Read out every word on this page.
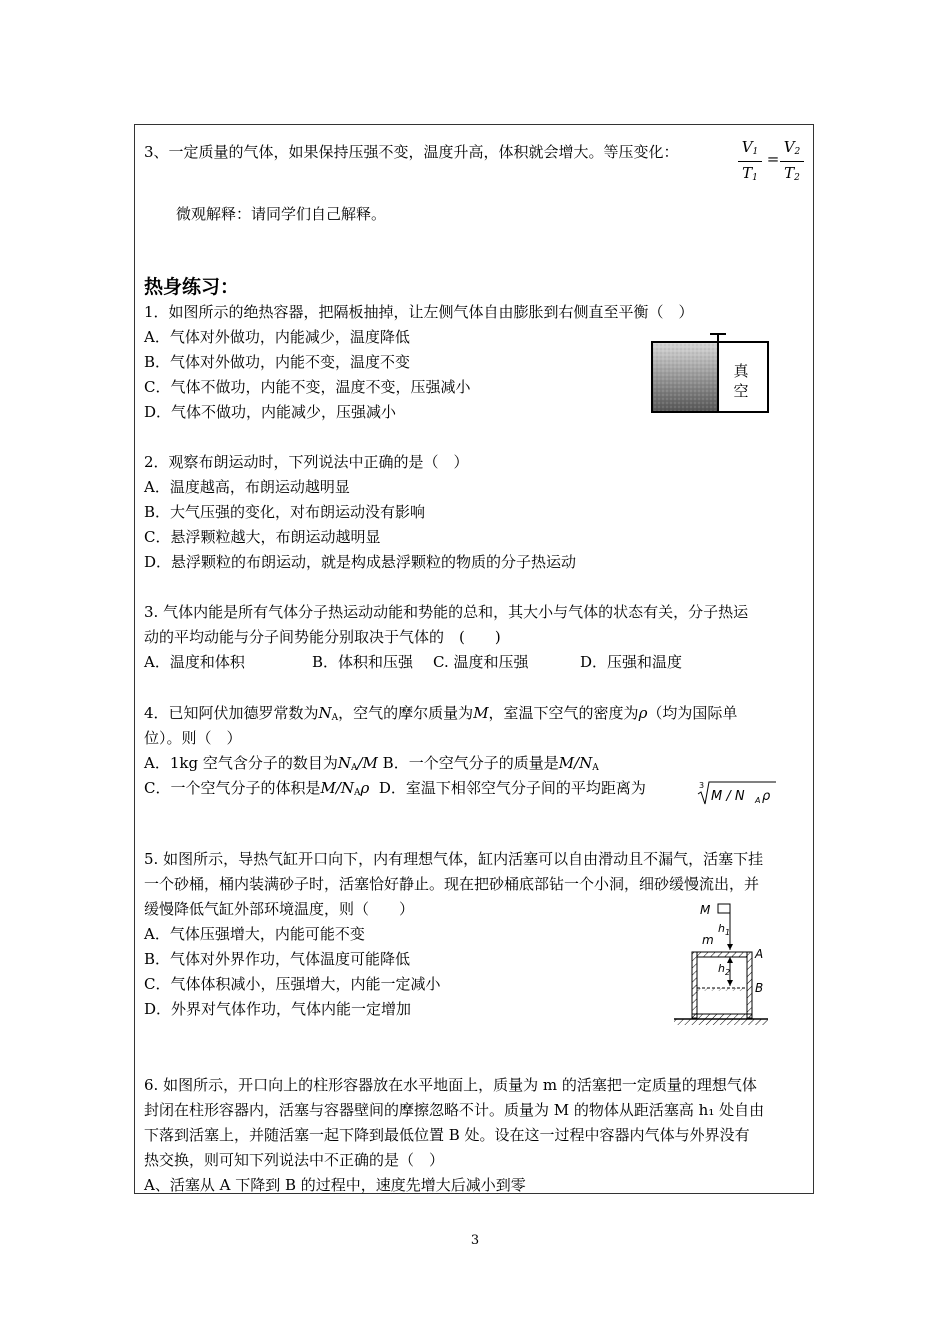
3、一定质量的气体，如果保持压强不变，温度升高，体积就会增大。等压变化：	$V_1$
$T_1$
=
$V_2$
$T_2$
微观解释：请同学们自己解释。
热身练习：
1．如图所示的绝热容器，把隔板抽掉，让左侧气体自由膨胀到右侧直至平衡（　）
A．气体对外做功，内能减少，温度降低
B．气体对外做功，内能不变，温度不变
C．气体不做功，内能不变，温度不变，压强减小
D．气体不做功，内能减少，压强减小
真
空
2．观察布朗运动时，下列说法中正确的是（　）
A．温度越高，布朗运动越明显
B．大气压强的变化，对布朗运动没有影响
C．悬浮颗粒越大，布朗运动越明显
D．悬浮颗粒的布朗运动，就是构成悬浮颗粒的物质的分子热运动
3. 气体内能是所有气体分子热运动动能和势能的总和，其大小与气体的状态有关，分子热运
动的平均动能与分子间势能分别取决于气体的　(　　)
A．温度和体积	B．体积和压强 C. 温度和压强	D．压强和温度
4．已知阿伏加德罗常数为$N_A$，空气的摩尔质量为M，室温下空气的密度为ρ（均为国际单
位）。则（　）
A．1kg 空气含分子的数目为$N_A/M$ B．一个空气分子的质量是$M/N_A$
C．一个空气分子的体积是$M/N_A\rho$ D．室温下相邻空气分子间的平均距离为	3
M / N A ρ
5. 如图所示，导热气缸开口向下，内有理想气体，缸内活塞可以自由滑动且不漏气，活塞下挂
一个砂桶，桶内装满砂子时，活塞恰好静止。现在把砂桶底部钻一个小洞，细砂缓慢流出，并
缓慢降低气缸外部环境温度，则（　　）
A．气体压强增大，内能可能不变
B．气体对外界作功，气体温度可能降低
C．气体体积减小，压强增大，内能一定减小
D．外界对气体作功，气体内能一定增加
M
m
$h_1$
$h_2$
A
B
6. 如图所示，开口向上的柱形容器放在水平地面上，质量为 m 的活塞把一定质量的理想气体
封闭在柱形容器内，活塞与容器壁间的摩擦忽略不计。质量为 M 的物体从距活塞高 h₁ 处自由
下落到活塞上，并随活塞一起下降到最低位置 B 处。设在这一过程中容器内气体与外界没有
热交换，则可知下列说法中不正确的是（　）
A、活塞从 A 下降到 B 的过程中，速度先增大后减小到零
3
